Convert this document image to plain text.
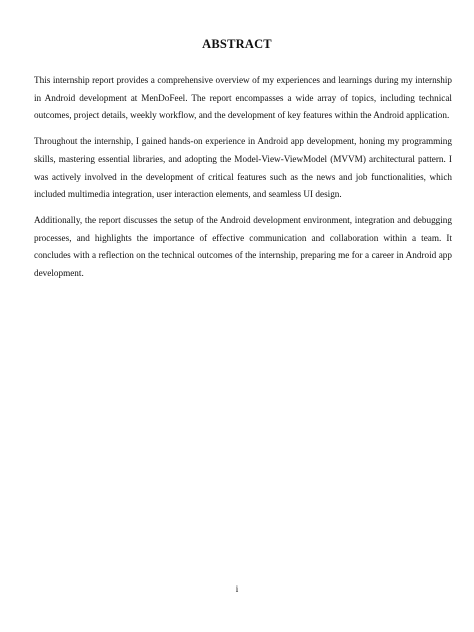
ABSTRACT

This internship report provides a comprehensive overview of my experiences and learnings during my internship in Android development at MenDoFeel. The report encompasses a wide array of topics, including technical outcomes, project details, weekly workflow, and the development of key features within the Android application.

Throughout the internship, I gained hands-on experience in Android app development, honing my programming skills, mastering essential libraries, and adopting the Model-View-ViewModel (MVVM) architectural pattern. I was actively involved in the development of critical features such as the news and job functionalities, which included multimedia integration, user interaction elements, and seamless UI design.

Additionally, the report discusses the setup of the Android development environment, integration and debugging processes, and highlights the importance of effective communication and collaboration within a team. It concludes with a reflection on the technical outcomes of the internship, preparing me for a career in Android app development.

i
